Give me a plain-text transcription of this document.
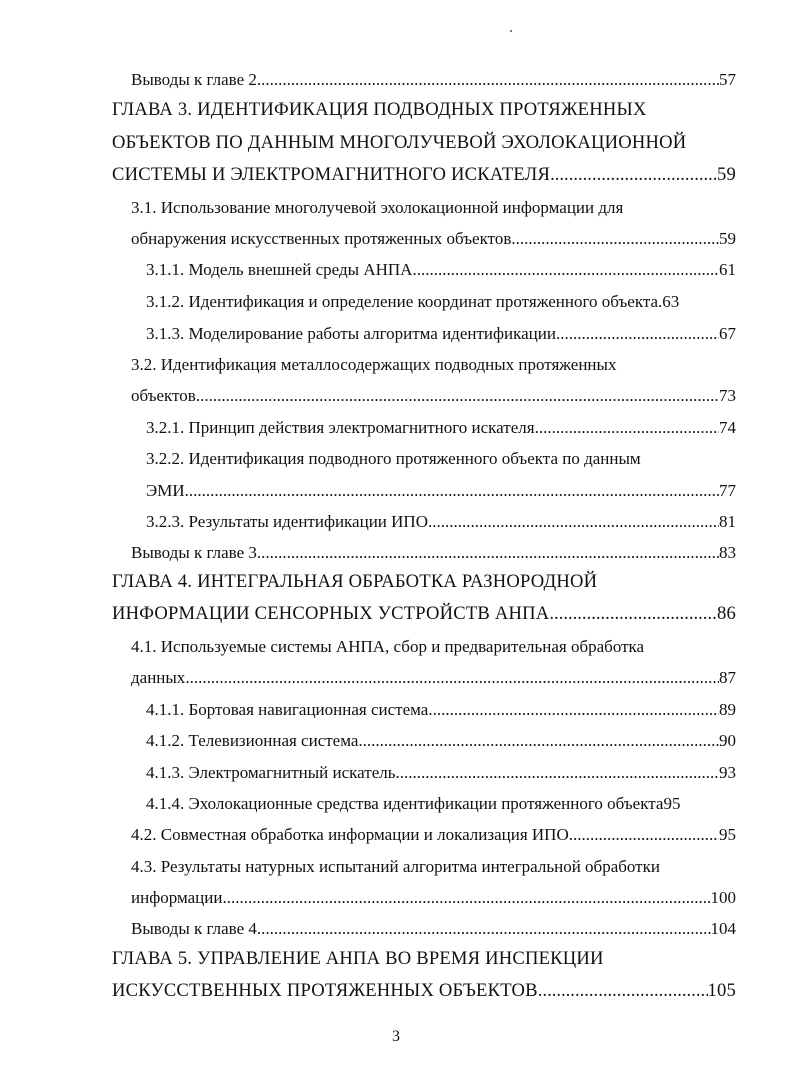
Выводы к главе 2 .....	57
ГЛАВА 3. ИДЕНТИФИКАЦИЯ ПОДВОДНЫХ ПРОТЯЖЕННЫХ
ОБЪЕКТОВ ПО ДАННЫМ МНОГОЛУЧЕВОЙ ЭХОЛОКАЦИОННОЙ
СИСТЕМЫ И ЭЛЕКТРОМАГНИТНОГО ИСКАТЕЛЯ .....	59
3.1. Использование многолучевой эхолокационной информации для
обнаружения искусственных протяженных объектов .....	59
3.1.1. Модель внешней среды АНПА .....	61
3.1.2. Идентификация и определение координат протяженного объекта. 63
3.1.3. Моделирование работы алгоритма идентификации .....	67
3.2. Идентификация металлосодержащих подводных протяженных
объектов .....	73
3.2.1. Принцип действия электромагнитного искателя .....	74
3.2.2. Идентификация подводного протяженного объекта по данным
ЭМИ .....	77
3.2.3. Результаты идентификации ИПО .....	81
Выводы к главе 3 .....	83
ГЛАВА 4. ИНТЕГРАЛЬНАЯ ОБРАБОТКА РАЗНОРОДНОЙ
ИНФОРМАЦИИ СЕНСОРНЫХ УСТРОЙСТВ АНПА .....	86
4.1. Используемые системы АНПА, сбор и предварительная обработка
данных .....	87
4.1.1. Бортовая навигационная система .....	89
4.1.2. Телевизионная система .....	90
4.1.3. Электромагнитный искатель .....	93
4.1.4. Эхолокационные средства идентификации протяженного объекта 95
4.2. Совместная обработка информации и локализация ИПО .....	95
4.3. Результаты натурных испытаний алгоритма интегральной обработки
информации .....	100
Выводы к главе 4 .....	104
ГЛАВА 5. УПРАВЛЕНИЕ АНПА ВО ВРЕМЯ ИНСПЕКЦИИ
ИСКУССТВЕННЫХ ПРОТЯЖЕННЫХ ОБЪЕКТОВ .....	105
3
